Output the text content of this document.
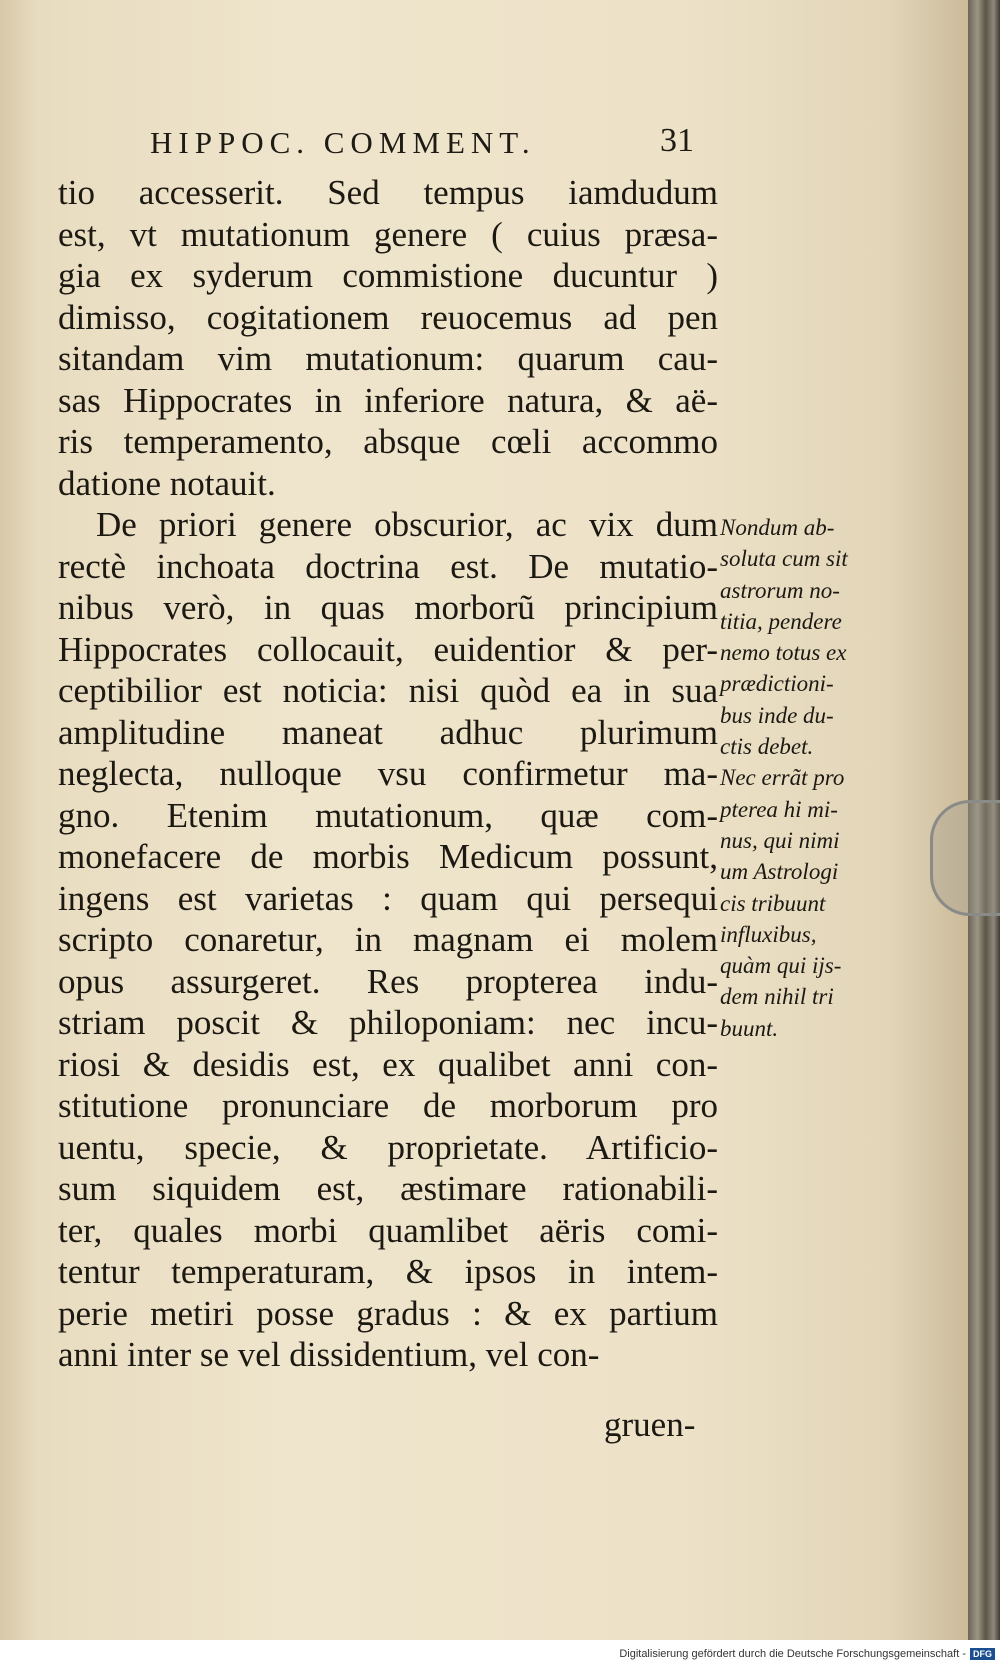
HIPPOC. COMMENT.	31
tio accesserit. Sed tempus iamdudum
est, vt mutationum genere ( cuius præsa-
gia ex syderum commistione ducuntur )
dimisso, cogitationem reuocemus ad pen
sitandam vim mutationum: quarum cau-
sas Hippocrates in inferiore natura, & aë-
ris temperamento, absque cœli accommo
datione notauit.
De priori genere obscurior, ac vix dum
rectè inchoata doctrina est. De mutatio-
nibus verò, in quas morborũ principium
Hippocrates collocauit, euidentior & per-
ceptibilior est noticia: nisi quòd ea in sua
amplitudine maneat adhuc plurimum
neglecta, nulloque vsu confirmetur ma-
gno. Etenim mutationum, quæ com-
monefacere de morbis Medicum possunt,
ingens est varietas : quam qui persequi
scripto conaretur, in magnam ei molem
opus assurgeret. Res propterea indu-
striam poscit & philoponiam: nec incu-
riosi & desidis est, ex qualibet anni con-
stitutione pronunciare de morborum pro
uentu, specie, & proprietate. Artificio-
sum siquidem est, æstimare rationabili-
ter, quales morbi quamlibet aëris comi-
tentur temperaturam, & ipsos in intem-
perie metiri posse gradus : & ex partium
anni inter se vel dissidentium, vel con-
gruen-
Nondum ab-
soluta cum sit
astrorum no-
titia, pendere
nemo totus ex
prædictioni-
bus inde du-
ctis debet.
Nec errãt pro
pterea hi mi-
nus, qui nimi
um Astrologi
cis tribuunt
influxibus,
quàm qui ijs-
dem nihil tri
buunt.
Digitalisierung gefördert durch die Deutsche Forschungsgemeinschaft - DFG
